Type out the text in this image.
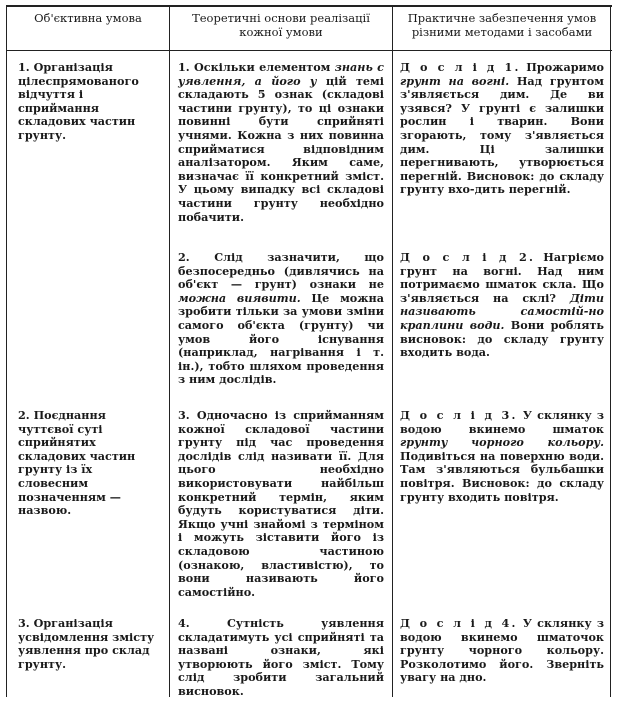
Об'єктивна умова	Теоретичні основи реалізації кожної умови
Практичне забезпечення умов різними методами і засобами
1. Організація цілеспрямованого відчуття і сприймання складових частин грунту.
1. Оскільки елементом знань с уявлення, а його у цій темі складають 5 ознак (складові частини грунту), то ці ознаки повинні бути сприйняті учнями. Кожна з них повинна сприйматися відповідним аналізатором. Яким саме, визначає її конкретний зміст. У цьому випадку всі складові частини грунту необхідно побачити.
Д о с л і д 1. Прожаримо грунт на вогні. Над грунтом з'являється дим. Де ви узявся? У грунті є залишки рослин і тварин. Вони згорають, тому з'являється дим. Ці залишки перегнивають, утворюється перегній. Висновок: до складу грунту вхо-дить перегній.
2. Слід зазначити, що безпосередньо (дивлячись на об'єкт — грунт) ознаки не можна виявити. Це можна зробити тільки за умови зміни самого об'єкта (грунту) чи умов його існування (наприклад, нагрівання і т. ін.), тобто шляхом проведення з ним дослідів.
Д о с л і д 2. Нагріємо грунт на вогні. Над ним потримаємо шматок скла. Що з'являється на склі? Діти називають самостій-но краплини води. Вони роблять висновок: до складу грунту входить вода.
2. Поєднання чуттєвої суті сприйнятих складових частин грунту із їх словесним позначенням — назвою.
3. Одночасно із сприйманням кожної складової частини грунту під час проведення дослідів слід називати її. Для цього необхідно використовувати найбільш конкретний термін, яким будуть користуватися діти. Якщо учні знайомі з терміном і можуть зіставити його із складовою частиною (ознакою, властивістю), то вони називають його самостійно.
Д о с л і д 3. У склянку з водою вкинемо шматок грунту чорного кольору. Подивіться на поверхню води. Там з'являються бульбашки повітря. Висновок: до складу грунту входить повітря.
3. Організація усвідомлення змісту уявлення про склад грунту.
4. Сутність уявлення складатимуть усі сприйняті та названі ознаки, які утворюють його зміст. Тому слід зробити загальний висновок.
Д о с л і д 4. У склянку з водою вкинемо шматочок грунту чорного кольору. Розколотимо його. Зверніть увагу на дно.
